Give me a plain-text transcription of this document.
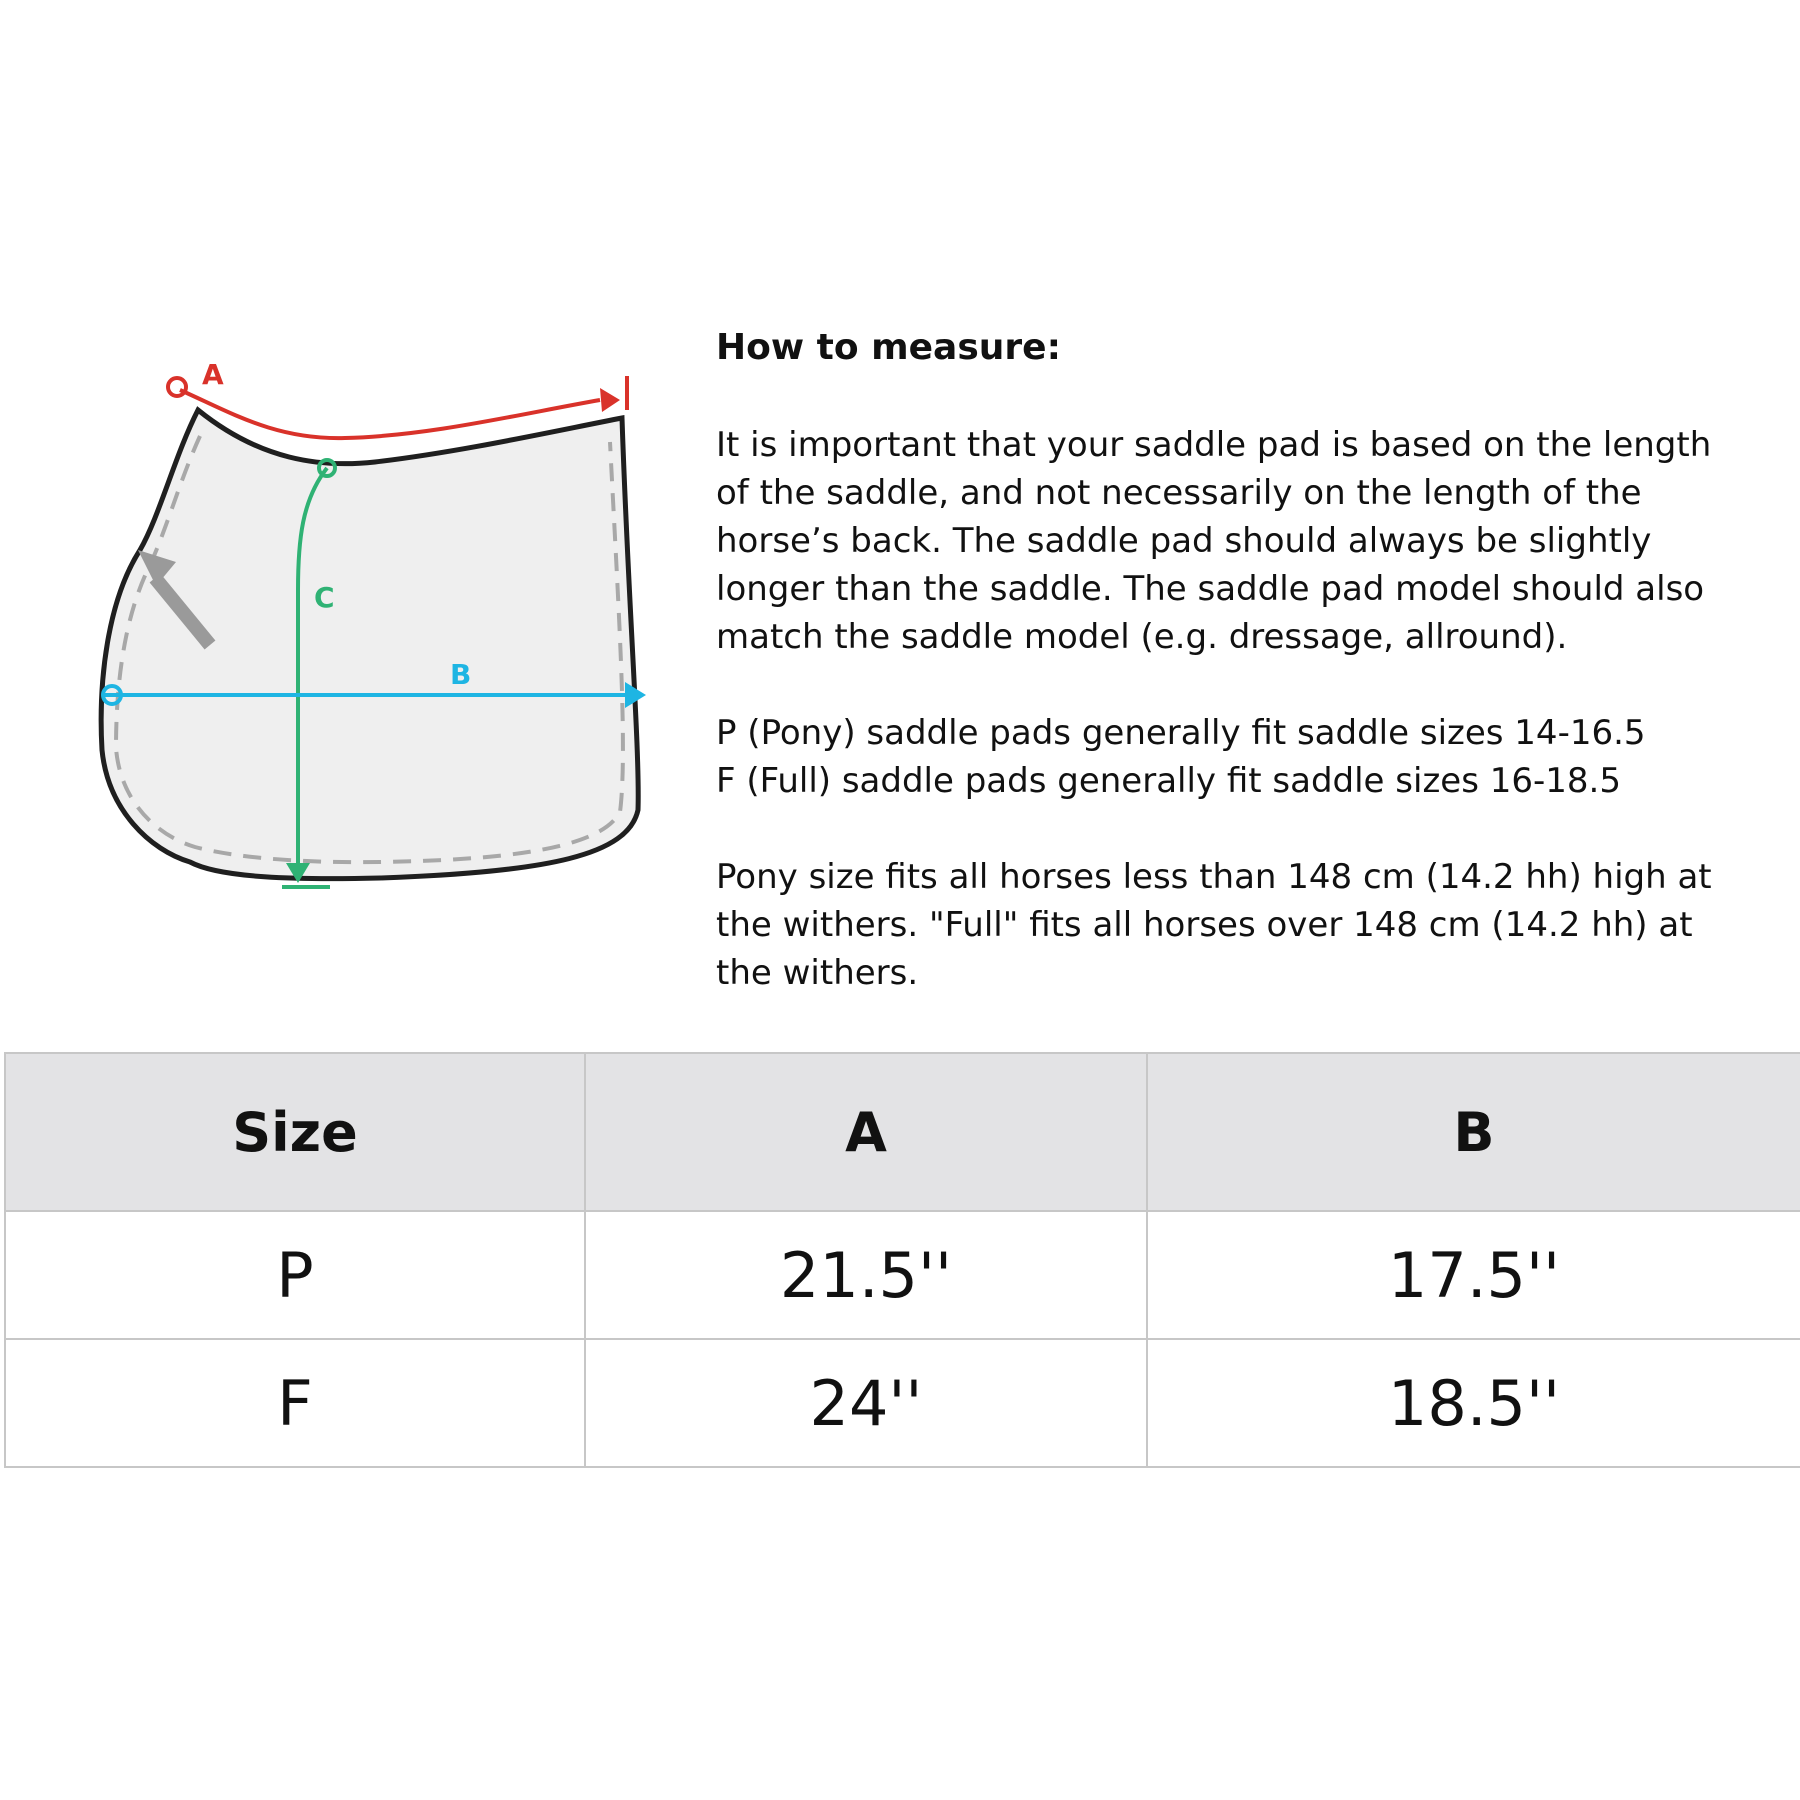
C
A
B
How to measure:
It is important that your saddle pad is based on the length
of the saddle, and not necessarily on the length of the
horse’s back. The saddle pad should always be slightly
longer than the saddle. The saddle pad model should also
match the saddle model (e.g. dressage, allround).
P (Pony) saddle pads generally fit saddle sizes 14-16.5
F (Full) saddle pads generally fit saddle sizes 16-18.5
Pony size fits all horses less than 148 cm (14.2 hh) high at
the withers. "Full" fits all horses over 148 cm (14.2 hh) at
the withers.
Size	A	B
P	21.5''	17.5''
F	24''	18.5''
